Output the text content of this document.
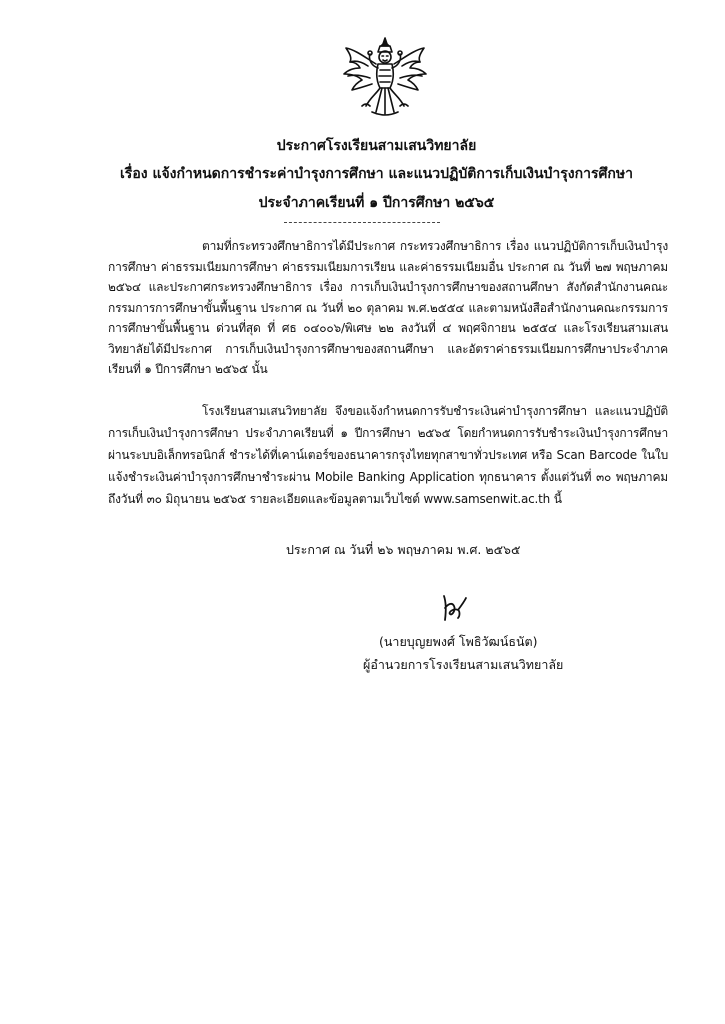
ประกาศโรงเรียนสามเสนวิทยาลัย
เรื่อง แจ้งกำหนดการชำระค่าบำรุงการศึกษา และแนวปฏิบัติการเก็บเงินบำรุงการศึกษา
ประจำภาคเรียนที่ ๑ ปีการศึกษา ๒๕๖๕

ตามที่กระทรวงศึกษาธิการได้มีประกาศ กระทรวงศึกษาธิการ เรื่อง แนวปฏิบัติการเก็บเงินบำรุงการศึกษา ค่าธรรมเนียมการศึกษา ค่าธรรมเนียมการเรียน และค่าธรรมเนียมอื่น ประกาศ ณ วันที่ ๒๗ พฤษภาคม ๒๕๖๔ และประกาศกระทรวงศึกษาธิการ เรื่อง การเก็บเงินบำรุงการศึกษาของสถานศึกษา สังกัดสำนักงานคณะกรรมการการศึกษาขั้นพื้นฐาน ประกาศ ณ วันที่ ๒๐ ตุลาคม พ.ศ.๒๕๕๔ และตามหนังสือสำนักงานคณะกรรมการการศึกษาขั้นพื้นฐาน ด่วนที่สุด ที่ ศธ ๐๔๐๐๖/พิเศษ ๒๒ ลงวันที่ ๔ พฤศจิกายน ๒๕๕๔ และโรงเรียนสามเสนวิทยาลัยได้มีประกาศ การเก็บเงินบำรุงการศึกษาของสถานศึกษา และอัตราค่าธรรมเนียมการศึกษาประจำภาคเรียนที่ ๑ ปีการศึกษา ๒๕๖๕ นั้น

โรงเรียนสามเสนวิทยาลัย จึงขอแจ้งกำหนดการรับชำระเงินค่าบำรุงการศึกษา และแนวปฏิบัติการเก็บเงินบำรุงการศึกษา ประจำภาคเรียนที่ ๑ ปีการศึกษา ๒๕๖๕ โดยกำหนดการรับชำระเงินบำรุงการศึกษาผ่านระบบอิเล็กทรอนิกส์ ชำระได้ที่เคาน์เตอร์ของธนาคารกรุงไทยทุกสาขาทั่วประเทศ หรือ Scan Barcode ในใบแจ้งชำระเงินค่าบำรุงการศึกษาชำระผ่าน Mobile Banking Application ทุกธนาคาร ตั้งแต่วันที่ ๓๐ พฤษภาคม ถึงวันที่ ๓๐ มิถุนายน ๒๕๖๕ รายละเอียดและข้อมูลตามเว็บไซต์ www.samsenwit.ac.th นี้

ประกาศ ณ วันที่ ๒๖ พฤษภาคม พ.ศ. ๒๕๖๕
(นายบุญยพงศ์ โพธิวัฒน์ธนัต)
ผู้อำนวยการโรงเรียนสามเสนวิทยาลัย
